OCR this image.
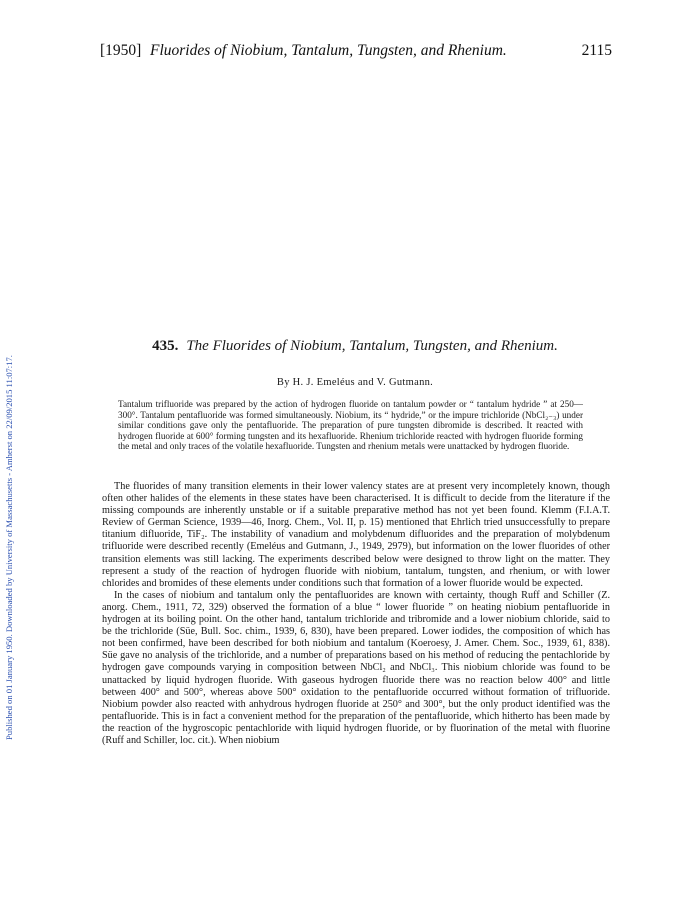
Published on 01 January 1950. Downloaded by University of Massachusetts - Amherst on 22/09/2015 11:07:17.
[1950] Fluorides of Niobium, Tantalum, Tungsten, and Rhenium.	2115
435. The Fluorides of Niobium, Tantalum, Tungsten, and Rhenium.
By H. J. Emeléus and V. Gutmann.
Tantalum trifluoride was prepared by the action of hydrogen fluoride on tantalum powder or “ tantalum hydride ” at 250—300°. Tantalum pentafluoride was formed simultaneously. Niobium, its “ hydride,” or the impure trichloride (NbCl₂₋₃) under similar conditions gave only the pentafluoride. The preparation of pure tungsten dibromide is described. It reacted with hydrogen fluoride at 600° forming tungsten and its hexafluoride. Rhenium trichloride reacted with hydrogen fluoride forming the metal and only traces of the volatile hexafluoride. Tungsten and rhenium metals were unattacked by hydrogen fluoride.

The fluorides of many transition elements in their lower valency states are at present very incompletely known, though often other halides of the elements in these states have been characterised. It is difficult to decide from the literature if the missing compounds are inherently unstable or if a suitable preparative method has not yet been found. Klemm (F.I.A.T. Review of German Science, 1939—46, Inorg. Chem., Vol. II, p. 15) mentioned that Ehrlich tried unsuccessfully to prepare titanium difluoride, TiF₂. The instability of vanadium and molybdenum difluorides and the preparation of molybdenum trifluoride were described recently (Emeléus and Gutmann, J., 1949, 2979), but information on the lower fluorides of other transition elements was still lacking. The experiments described below were designed to throw light on the matter. They represent a study of the reaction of hydrogen fluoride with niobium, tantalum, tungsten, and rhenium, or with lower chlorides and bromides of these elements under conditions such that formation of a lower fluoride would be expected.

In the cases of niobium and tantalum only the pentafluorides are known with certainty, though Ruff and Schiller (Z. anorg. Chem., 1911, 72, 329) observed the formation of a blue “ lower fluoride ” on heating niobium pentafluoride in hydrogen at its boiling point. On the other hand, tantalum trichloride and tribromide and a lower niobium chloride, said to be the trichloride (Süe, Bull. Soc. chim., 1939, 6, 830), have been prepared. Lower iodides, the composition of which has not been confirmed, have been described for both niobium and tantalum (Koeroesy, J. Amer. Chem. Soc., 1939, 61, 838). Süe gave no analysis of the trichloride, and a number of preparations based on his method of reducing the pentachloride by hydrogen gave compounds varying in composition between NbCl₂ and NbCl₃. This niobium chloride was found to be unattacked by liquid hydrogen fluoride. With gaseous hydrogen fluoride there was no reaction below 400° and little between 400° and 500°, whereas above 500° oxidation to the pentafluoride occurred without formation of trifluoride. Niobium powder also reacted with anhydrous hydrogen fluoride at 250° and 300°, but the only product identified was the pentafluoride. This is in fact a convenient method for the preparation of the pentafluoride, which hitherto has been made by the reaction of the hygroscopic pentachloride with liquid hydrogen fluoride, or by fluorination of the metal with fluorine (Ruff and Schiller, loc. cit.). When niobium
